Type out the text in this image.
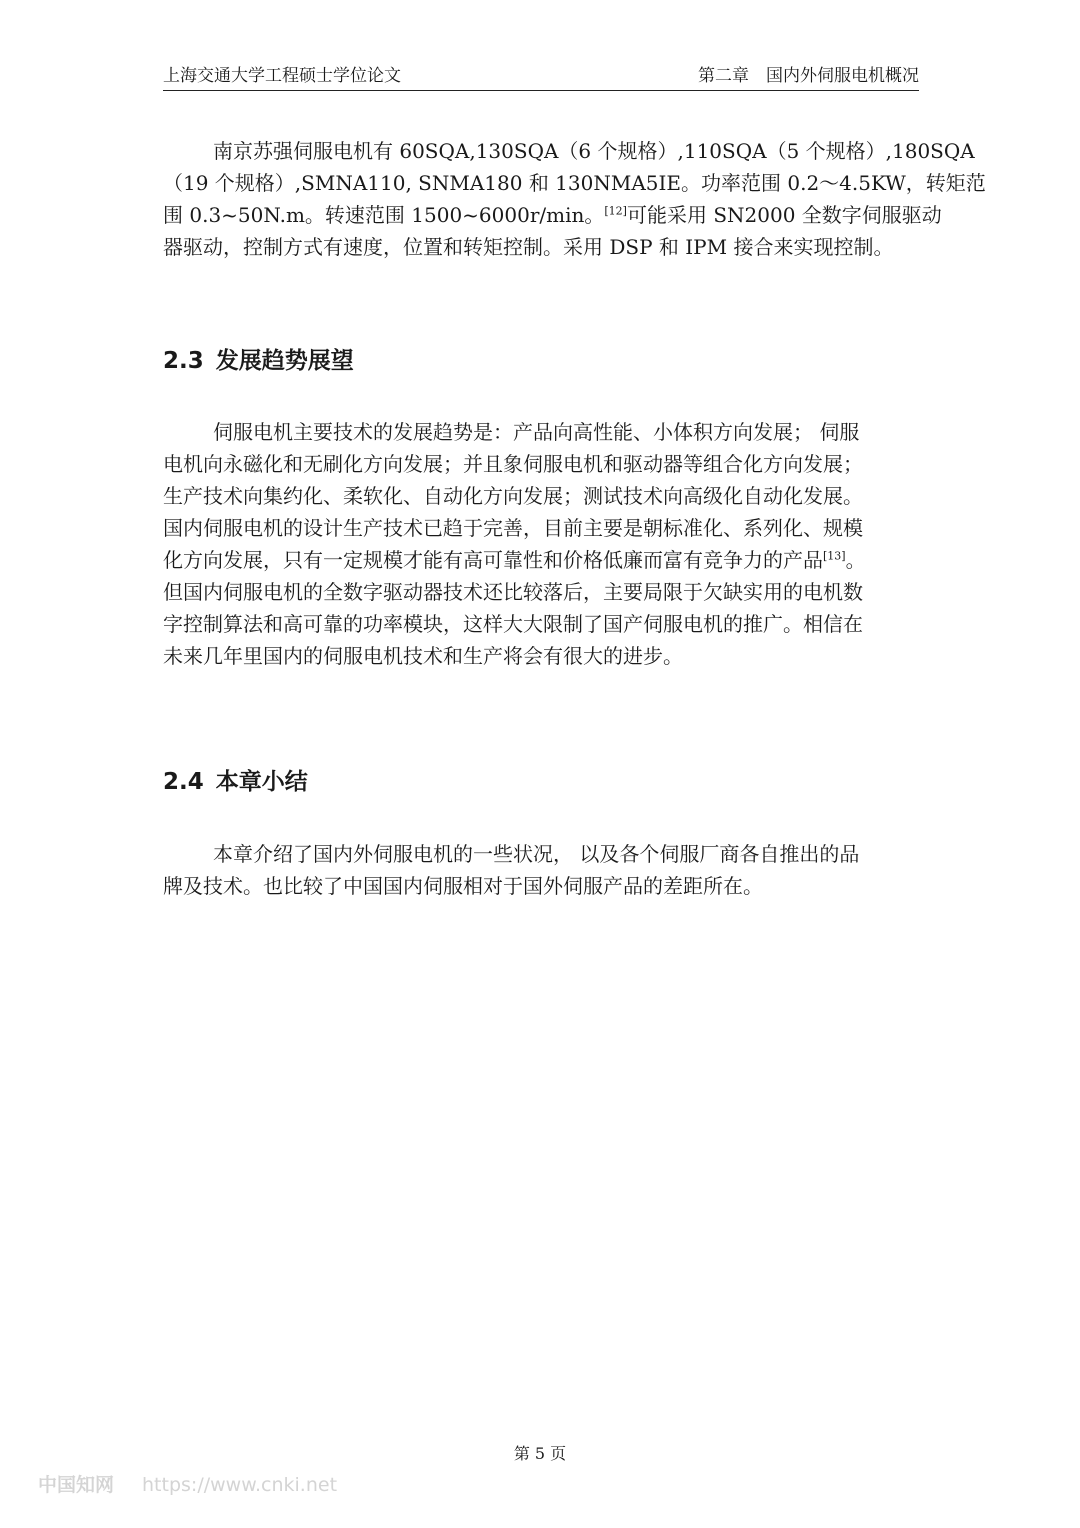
上海交通大学工程硕士学位论文	第二章　国内外伺服电机概况

南京苏强伺服电机有 60SQA,130SQA（6 个规格）,110SQA（5 个规格）,180SQA
（19 个规格）,SMNA110, SNMA180 和 130NMA5IE。功率范围 0.2～4.5KW，转矩范
围 0.3~50N.m。转速范围 1500~6000r/min。[12]可能采用 SN2000 全数字伺服驱动
器驱动，控制方式有速度，位置和转矩控制。采用 DSP 和 IPM 接合来实现控制。

2.3 发展趋势展望

伺服电机主要技术的发展趋势是：产品向高性能、小体积方向发展； 伺服
电机向永磁化和无刷化方向发展；并且象伺服电机和驱动器等组合化方向发展；
生产技术向集约化、柔软化、自动化方向发展；测试技术向高级化自动化发展。
国内伺服电机的设计生产技术已趋于完善，目前主要是朝标准化、系列化、规模
化方向发展，只有一定规模才能有高可靠性和价格低廉而富有竞争力的产品[13]。
但国内伺服电机的全数字驱动器技术还比较落后，主要局限于欠缺实用的电机数
字控制算法和高可靠的功率模块，这样大大限制了国产伺服电机的推广。相信在
未来几年里国内的伺服电机技术和生产将会有很大的进步。

2.4 本章小结

本章介绍了国内外伺服电机的一些状况， 以及各个伺服厂商各自推出的品
牌及技术。也比较了中国国内伺服相对于国外伺服产品的差距所在。

第 5 页
中国知网 https://www.cnki.net
